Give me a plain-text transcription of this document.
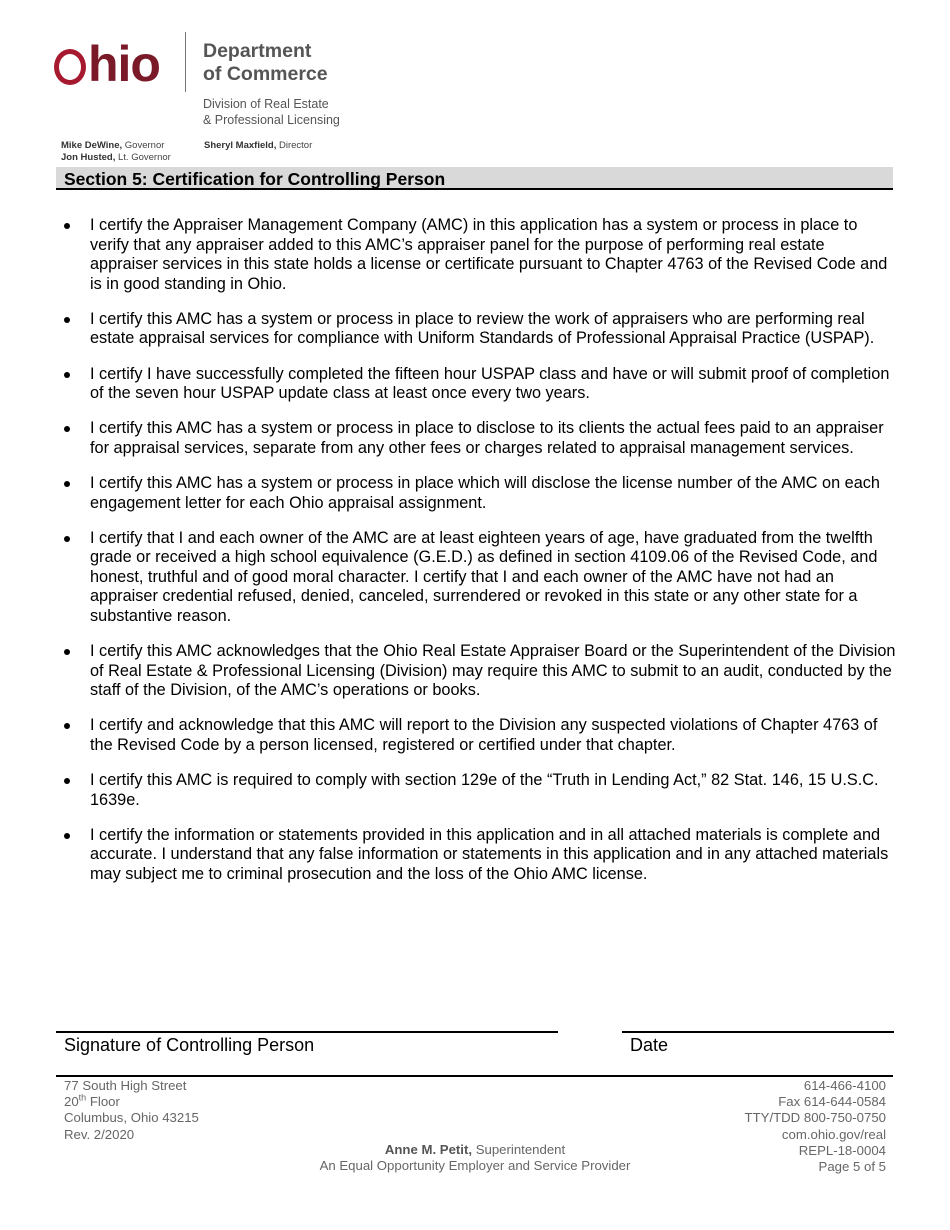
hio Department
of Commerce
Division of Real Estate
& Professional Licensing
Mike DeWine, Governor
Jon Husted, Lt. Governor
Sheryl Maxfield, Director
Section 5: Certification for Controlling Person
I certify the Appraiser Management Company (AMC) in this application has a system or process in place to verify that any appraiser added to this AMC’s appraiser panel for the purpose of performing real estate appraiser services in this state holds a license or certificate pursuant to Chapter 4763 of the Revised Code and is in good standing in Ohio.
I certify this AMC has a system or process in place to review the work of appraisers who are performing real estate appraisal services for compliance with Uniform Standards of Professional Appraisal Practice (USPAP).
I certify I have successfully completed the fifteen hour USPAP class and have or will submit proof of completion of the seven hour USPAP update class at least once every two years.
I certify this AMC has a system or process in place to disclose to its clients the actual fees paid to an appraiser for appraisal services, separate from any other fees or charges related to appraisal management services.
I certify this AMC has a system or process in place which will disclose the license number of the AMC on each engagement letter for each Ohio appraisal assignment.
I certify that I and each owner of the AMC are at least eighteen years of age, have graduated from the twelfth grade or received a high school equivalence (G.E.D.) as defined in section 4109.06 of the Revised Code, and honest, truthful and of good moral character. I certify that I and each owner of the AMC have not had an appraiser credential refused, denied, canceled, surrendered or revoked in this state or any other state for a substantive reason.
I certify this AMC acknowledges that the Ohio Real Estate Appraiser Board or the Superintendent of the Division of Real Estate & Professional Licensing (Division) may require this AMC to submit to an audit, conducted by the staff of the Division, of the AMC’s operations or books.
I certify and acknowledge that this AMC will report to the Division any suspected violations of Chapter 4763 of the Revised Code by a person licensed, registered or certified under that chapter.
I certify this AMC is required to comply with section 129e of the “Truth in Lending Act,” 82 Stat. 146, 15 U.S.C. 1639e.
I certify the information or statements provided in this application and in all attached materials is complete and accurate. I understand that any false information or statements in this application and in any attached materials may subject me to criminal prosecution and the loss of the Ohio AMC license.
Signature of Controlling Person	Date
77 South High Street
20th Floor
Columbus, Ohio 43215
Rev. 2/2020
Anne M. Petit, Superintendent
An Equal Opportunity Employer and Service Provider
614-466-4100
Fax 614-644-0584
TTY/TDD 800-750-0750
com.ohio.gov/real
REPL-18-0004
Page 5 of 5
